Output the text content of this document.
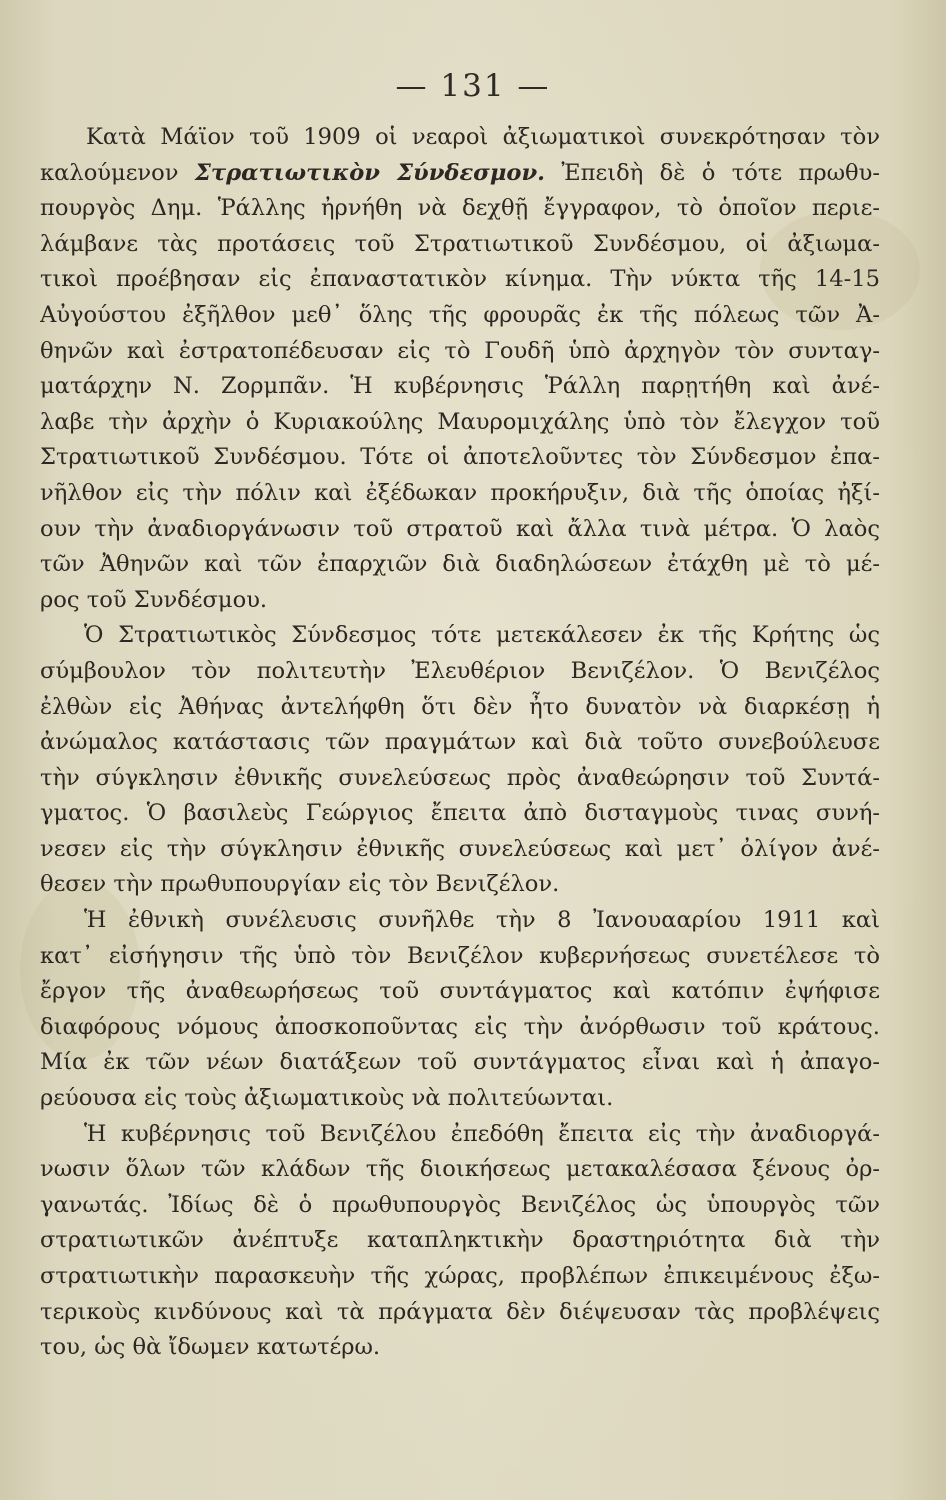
— 131 —
Κατὰ Μάϊον τοῦ 1909 οἱ νεαροὶ ἀξιωματικοὶ συνεκρότησαν τὸν
καλούμενον Στρατιωτικὸν Σύνδεσμον. Ἐπειδὴ δὲ ὁ τότε πρωθυ-
πουργὸς Δημ. Ῥάλλης ἠρνήθη νὰ δεχθῇ ἔγγραφον, τὸ ὁποῖον περιε-
λάμβανε τὰς προτάσεις τοῦ Στρατιωτικοῦ Συνδέσμου, οἱ ἀξιωμα-
τικοὶ προέβησαν εἰς ἐπαναστατικὸν κίνημα. Τὴν νύκτα τῆς 14-15
Αὐγούστου ἐξῆλθον μεθ᾽ ὅλης τῆς φρουρᾶς ἐκ τῆς πόλεως τῶν Ἀ-
θηνῶν καὶ ἐστρατοπέδευσαν εἰς τὸ Γουδῆ ὑπὸ ἀρχηγὸν τὸν συνταγ-
ματάρχην Ν. Ζορμπᾶν. Ἡ κυβέρνησις Ῥάλλη παρῃτήθη καὶ ἀνέ-
λαβε τὴν ἀρχὴν ὁ Κυριακούλης Μαυρομιχάλης ὑπὸ τὸν ἔλεγχον τοῦ
Στρατιωτικοῦ Συνδέσμου. Τότε οἱ ἀποτελοῦντες τὸν Σύνδεσμον ἐπα-
νῆλθον εἰς τὴν πόλιν καὶ ἐξέδωκαν προκήρυξιν, διὰ τῆς ὁποίας ἠξί-
ουν τὴν ἀναδιοργάνωσιν τοῦ στρατοῦ καὶ ἄλλα τινὰ μέτρα. Ὁ λαὸς
τῶν Ἀθηνῶν καὶ τῶν ἐπαρχιῶν διὰ διαδηλώσεων ἐτάχθη μὲ τὸ μέ-
ρος τοῦ Συνδέσμου.
Ὁ Στρατιωτικὸς Σύνδεσμος τότε μετεκάλεσεν ἐκ τῆς Κρήτης ὡς
σύμβουλον τὸν πολιτευτὴν Ἐλευθέριον Βενιζέλον. Ὁ Βενιζέλος
ἐλθὼν εἰς Ἀθήνας ἀντελήφθη ὅτι δὲν ἦτο δυνατὸν νὰ διαρκέσῃ ἡ
ἀνώμαλος κατάστασις τῶν πραγμάτων καὶ διὰ τοῦτο συνεβούλευσε
τὴν σύγκλησιν ἐθνικῆς συνελεύσεως πρὸς ἀναθεώρησιν τοῦ Συντά-
γματος. Ὁ βασιλεὺς Γεώργιος ἔπειτα ἀπὸ δισταγμοὺς τινας συνή-
νεσεν εἰς τὴν σύγκλησιν ἐθνικῆς συνελεύσεως καὶ μετ᾽ ὀλίγον ἀνέ-
θεσεν τὴν πρωθυπουργίαν εἰς τὸν Βενιζέλον.
Ἡ ἐθνικὴ συνέλευσις συνῆλθε τὴν 8 Ἰανουααρίου 1911 καὶ
κατ᾽ εἰσήγησιν τῆς ὑπὸ τὸν Βενιζέλον κυβερνήσεως συνετέλεσε τὸ
ἔργον τῆς ἀναθεωρήσεως τοῦ συντάγματος καὶ κατόπιν ἐψήφισε
διαφόρους νόμους ἀποσκοποῦντας εἰς τὴν ἀνόρθωσιν τοῦ κράτους.
Μία ἐκ τῶν νέων διατάξεων τοῦ συντάγματος εἶναι καὶ ἡ ἀπαγο-
ρεύουσα εἰς τοὺς ἀξιωματικοὺς νὰ πολιτεύωνται.
Ἡ κυβέρνησις τοῦ Βενιζέλου ἐπεδόθη ἔπειτα εἰς τὴν ἀναδιοργά-
νωσιν ὅλων τῶν κλάδων τῆς διοικήσεως μετακαλέσασα ξένους ὀρ-
γανωτάς. Ἰδίως δὲ ὁ πρωθυπουργὸς Βενιζέλος ὡς ὑπουργὸς τῶν
στρατιωτικῶν ἀνέπτυξε καταπληκτικὴν δραστηριότητα διὰ τὴν
στρατιωτικὴν παρασκευὴν τῆς χώρας, προβλέπων ἐπικειμένους ἐξω-
τερικοὺς κινδύνους καὶ τὰ πράγματα δὲν διέψευσαν τὰς προβλέψεις
του, ὡς θὰ ἴδωμεν κατωτέρω.
